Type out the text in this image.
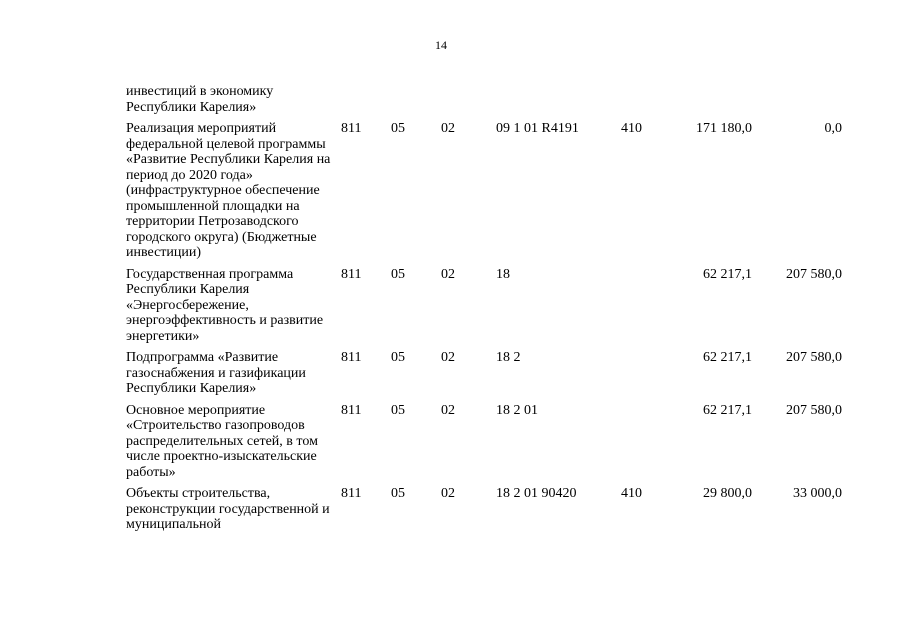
14
инвестиций в экономику
Республики Карелия»							
Реализация мероприятий федеральной целевой программы «Развитие Республики Карелия на период до 2020 года» (инфраструктурное обеспечение промышленной площадки на территории Петрозаводского городского округа) (Бюджетные инвестиции)	811	05	02	09 1 01 R4191	410	171 180,0	0,0
Государственная программа Республики Карелия «Энергосбережение, энергоэффективность и развитие энергетики»	811	05	02	18		62 217,1	207 580,0
Подпрограмма «Развитие газоснабжения и газификации Республики Карелия»	811	05	02	18 2		62 217,1	207 580,0
Основное мероприятие «Строительство газопроводов распределительных сетей, в том числе проектно-изыскательские работы»	811	05	02	18 2 01		62 217,1	207 580,0
Объекты строительства, реконструкции государственной и муниципальной	811	05	02	18 2 01 90420	410	29 800,0	33 000,0
